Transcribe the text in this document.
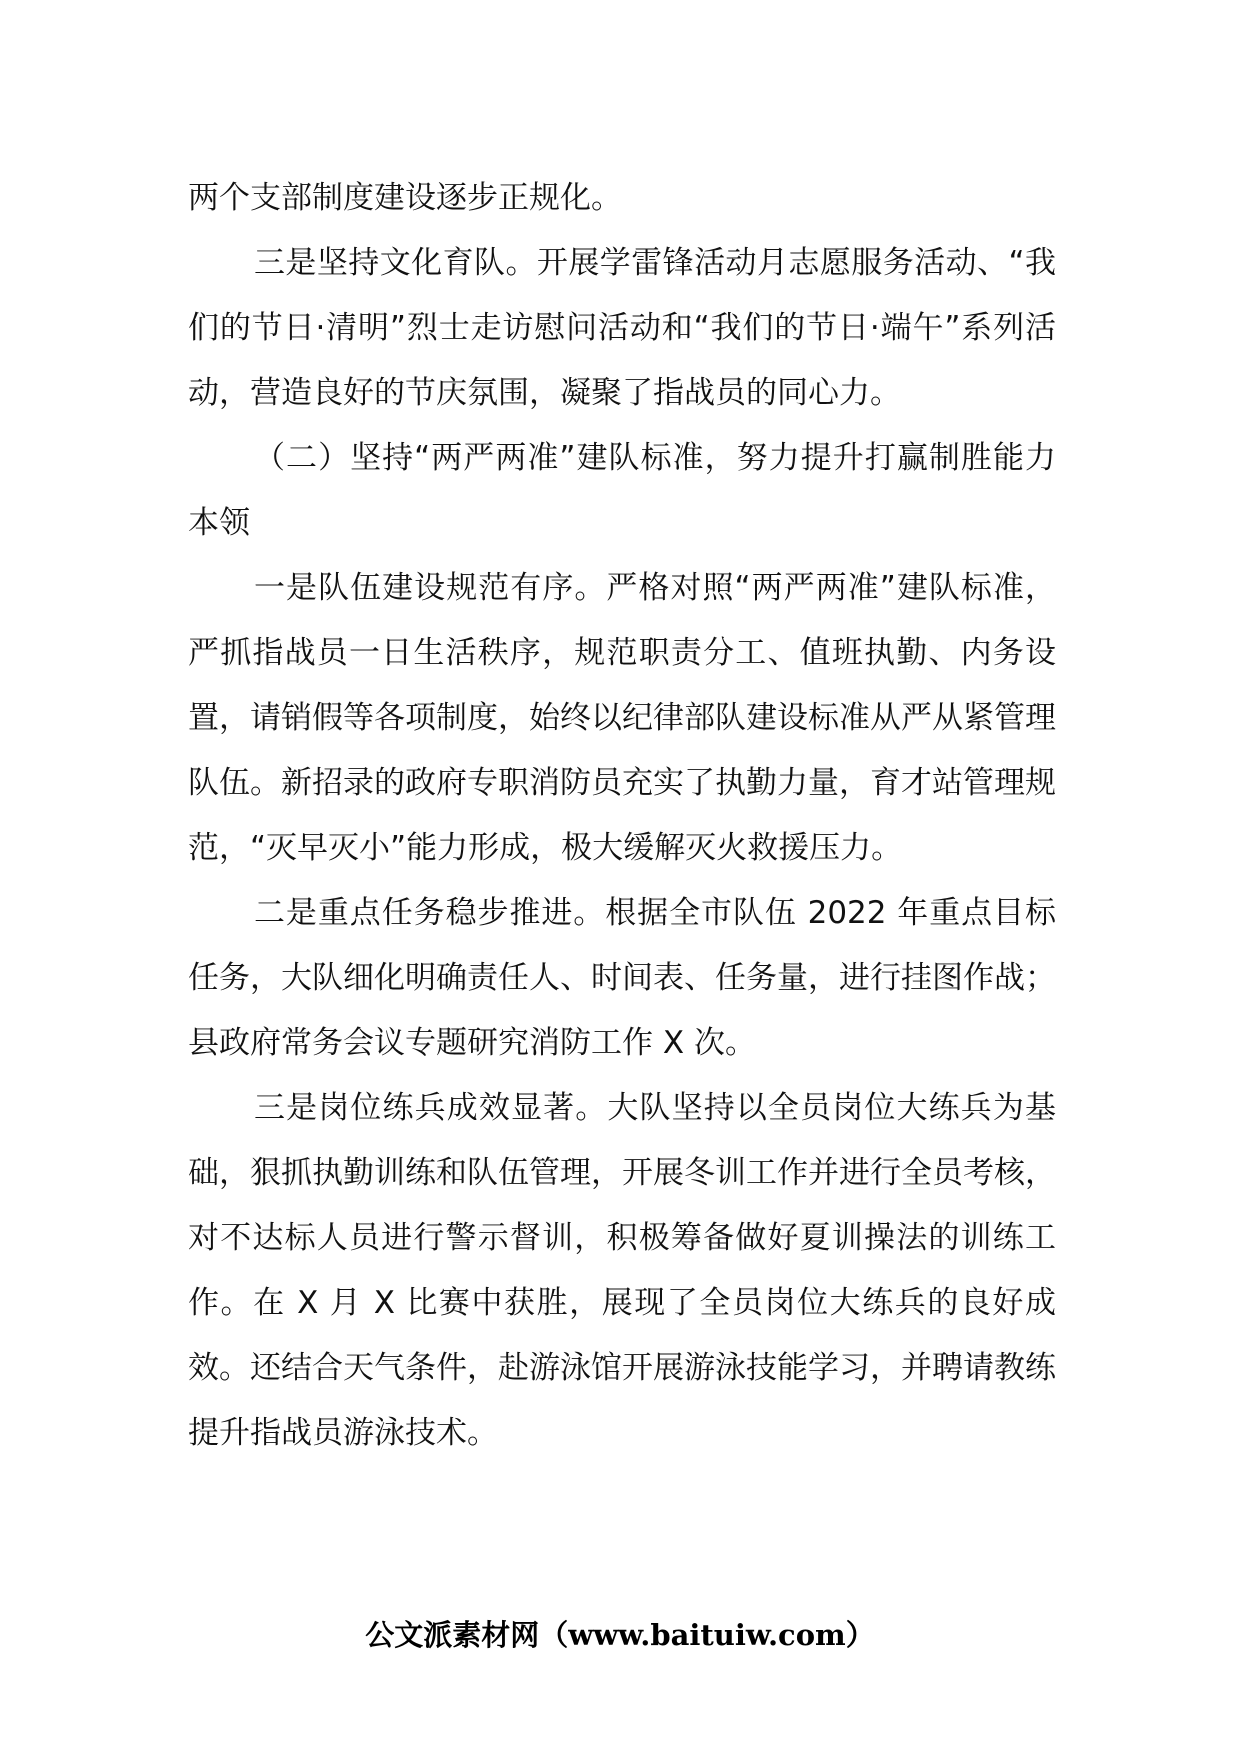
两个支部制度建设逐步正规化。

三是坚持文化育队。开展学雷锋活动月志愿服务活动、“我们的节日·清明”烈士走访慰问活动和“我们的节日·端午”系列活动，营造良好的节庆氛围，凝聚了指战员的同心力。

（二）坚持“两严两准”建队标准，努力提升打赢制胜能力本领

一是队伍建设规范有序。严格对照“两严两准”建队标准，严抓指战员一日生活秩序，规范职责分工、值班执勤、内务设置，请销假等各项制度，始终以纪律部队建设标准从严从紧管理队伍。新招录的政府专职消防员充实了执勤力量，育才站管理规范，“灭早灭小”能力形成，极大缓解灭火救援压力。

二是重点任务稳步推进。根据全市队伍 2022 年重点目标任务，大队细化明确责任人、时间表、任务量，进行挂图作战；县政府常务会议专题研究消防工作 X 次。

三是岗位练兵成效显著。大队坚持以全员岗位大练兵为基础，狠抓执勤训练和队伍管理，开展冬训工作并进行全员考核，对不达标人员进行警示督训，积极筹备做好夏训操法的训练工作。在 X 月 X 比赛中获胜，展现了全员岗位大练兵的良好成效。还结合天气条件，赴游泳馆开展游泳技能学习，并聘请教练提升指战员游泳技术。

公文派素材网（www.baituiw.com）
